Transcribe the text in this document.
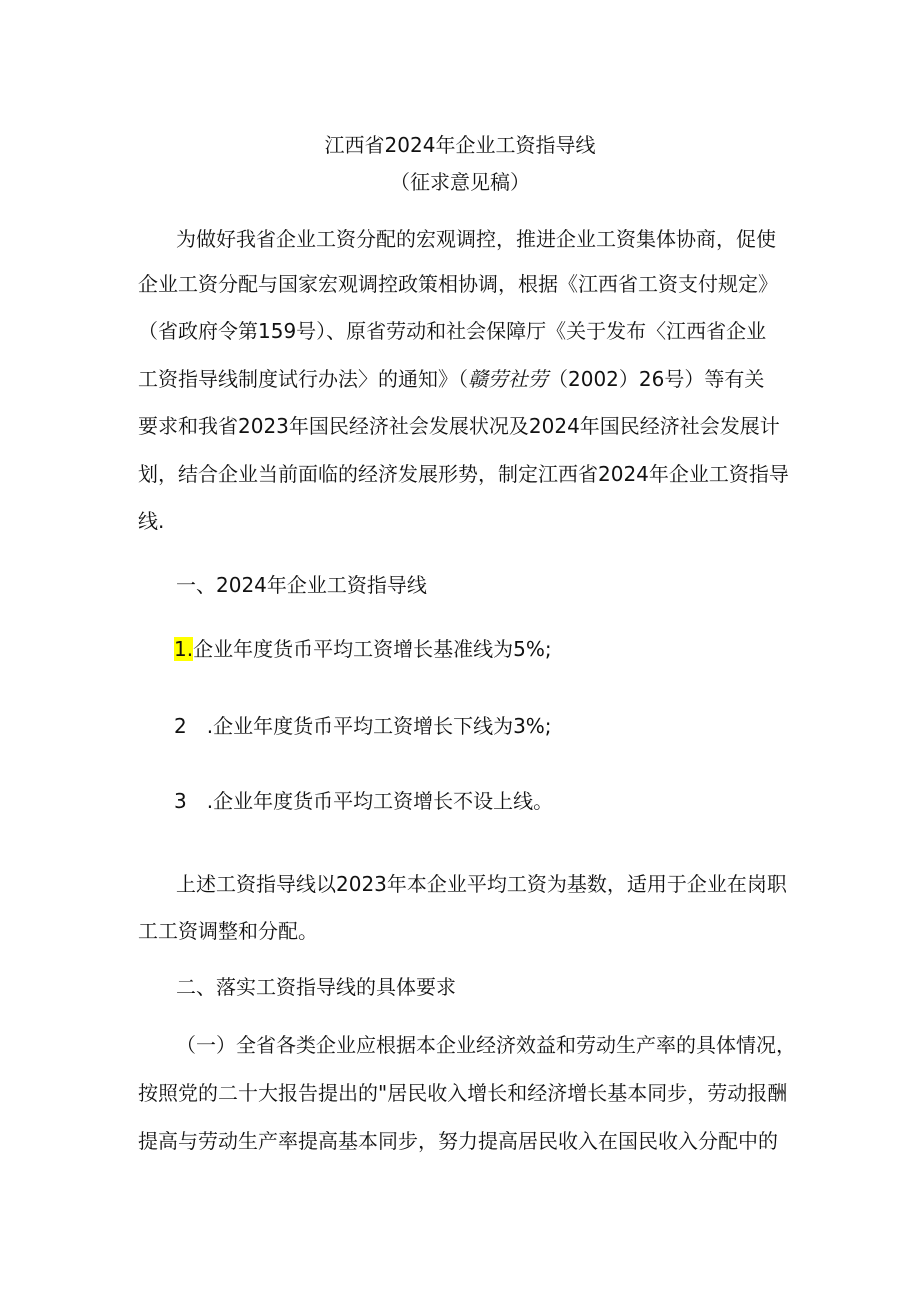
江西省2024年企业工资指导线
（征求意见稿）
为做好我省企业工资分配的宏观调控，推进企业工资集体协商，促使
企业工资分配与国家宏观调控政策相协调，根据《江西省工资支付规定》
（省政府令第159号）、原省劳动和社会保障厅《关于发布〈江西省企业
工资指导线制度试行办法〉的通知》（赣劳社劳（2002）26号）等有关
要求和我省2023年国民经济社会发展状况及2024年国民经济社会发展计
划，结合企业当前面临的经济发展形势，制定江西省2024年企业工资指导
线.
一、2024年企业工资指导线
1.企业年度货币平均工资增长基准线为5%;
2　.企业年度货币平均工资增长下线为3%;
3　.企业年度货币平均工资增长不设上线。
上述工资指导线以2023年本企业平均工资为基数，适用于企业在岗职
工工资调整和分配。
二、落实工资指导线的具体要求
（一）全省各类企业应根据本企业经济效益和劳动生产率的具体情况，
按照党的二十大报告提出的"居民收入增长和经济增长基本同步，劳动报酬
提高与劳动生产率提高基本同步，努力提高居民收入在国民收入分配中的
